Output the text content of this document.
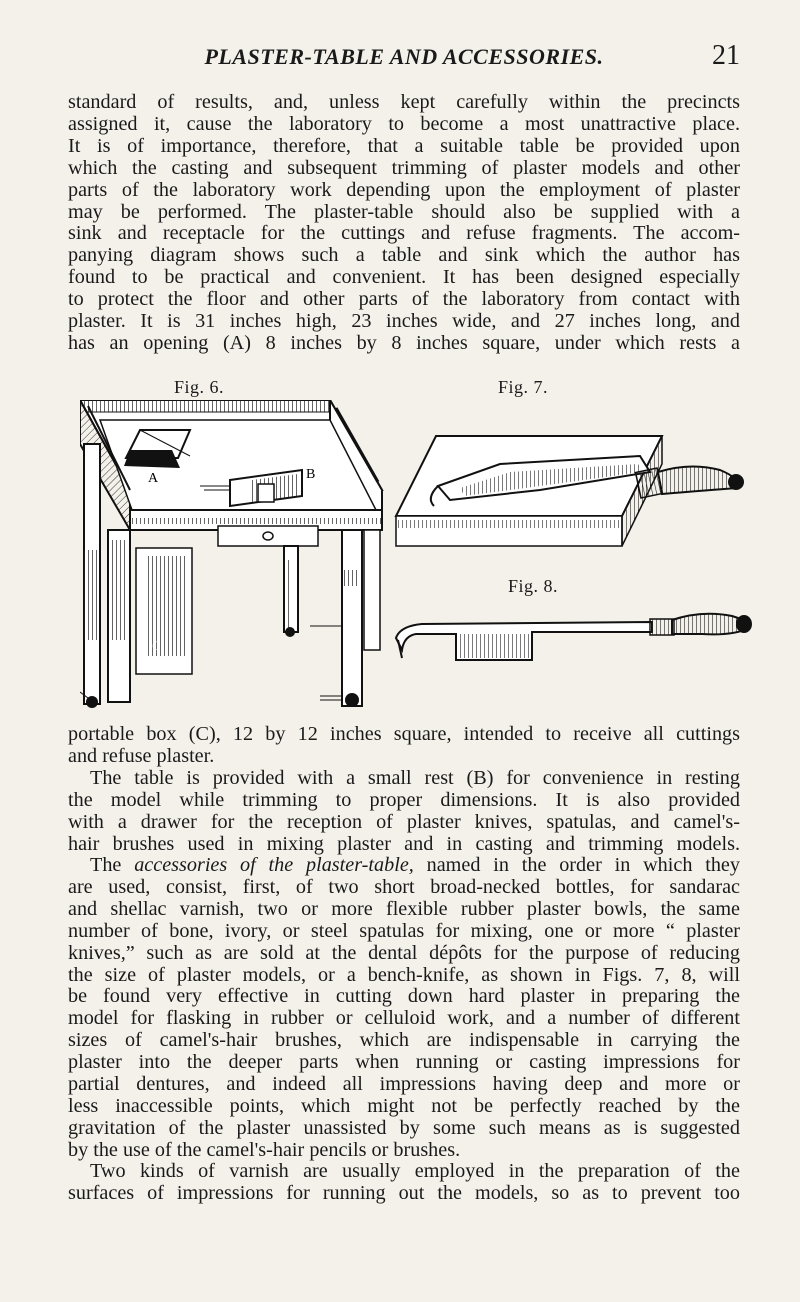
PLASTER-TABLE AND ACCESSORIES.	21

standard of results, and, unless kept carefully within the precincts
assigned it, cause the laboratory to become a most unattractive place.
It is of importance, therefore, that a suitable table be provided upon
which the casting and subsequent trimming of plaster models and other
parts of the laboratory work depending upon the employment of plaster
may be performed. The plaster-table should also be supplied with a
sink and receptacle for the cuttings and refuse fragments. The accom-
panying diagram shows such a table and sink which the author has
found to be practical and convenient. It has been designed especially
to protect the floor and other parts of the laboratory from contact with
plaster. It is 31 inches high, 23 inches wide, and 27 inches long, and
has an opening (A) 8 inches by 8 inches square, under which rests a

Fig. 6.	Fig. 7.
Fig. 8.
A	B
C

portable box (C), 12 by 12 inches square, intended to receive all cuttings
and refuse plaster.

The table is provided with a small rest (B) for convenience in resting
the model while trimming to proper dimensions. It is also provided
with a drawer for the reception of plaster knives, spatulas, and camel's-
hair brushes used in mixing plaster and in casting and trimming models.

The accessories of the plaster-table, named in the order in which they
are used, consist, first, of two short broad-necked bottles, for sandarac
and shellac varnish, two or more flexible rubber plaster bowls, the same
number of bone, ivory, or steel spatulas for mixing, one or more “ plaster
knives,” such as are sold at the dental dépôts for the purpose of reducing
the size of plaster models, or a bench-knife, as shown in Figs. 7, 8, will
be found very effective in cutting down hard plaster in preparing the
model for flasking in rubber or celluloid work, and a number of different
sizes of camel's-hair brushes, which are indispensable in carrying the
plaster into the deeper parts when running or casting impressions for
partial dentures, and indeed all impressions having deep and more or
less inaccessible points, which might not be perfectly reached by the
gravitation of the plaster unassisted by some such means as is suggested
by the use of the camel's-hair pencils or brushes.

Two kinds of varnish are usually employed in the preparation of the
surfaces of impressions for running out the models, so as to prevent too
